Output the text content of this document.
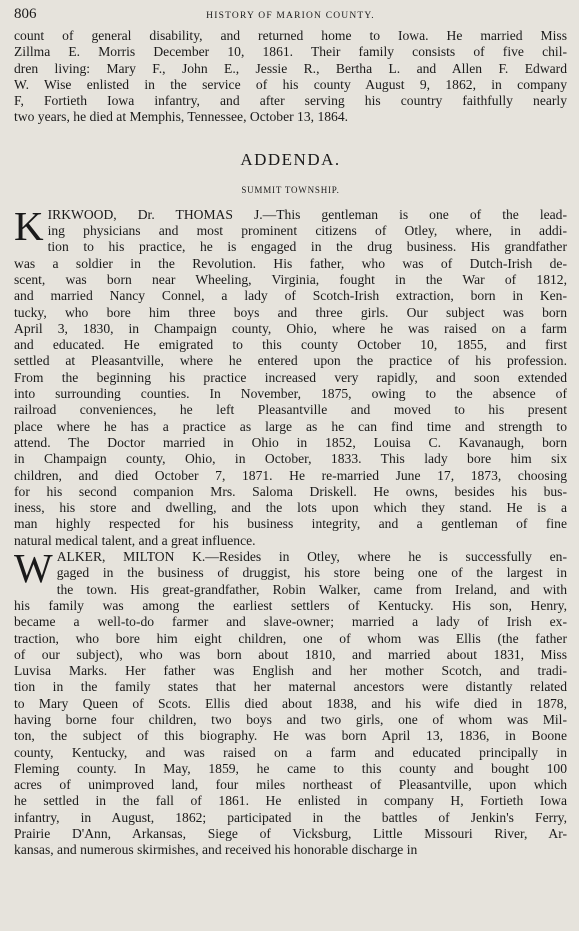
806	HISTORY OF MARION COUNTY.
count of general disability, and returned home to Iowa. He married Miss
Zillma E. Morris December 10, 1861. Their family consists of five chil-
dren living: Mary F., John E., Jessie R., Bertha L. and Allen F. Edward
W. Wise enlisted in the service of his county August 9, 1862, in company
F, Fortieth Iowa infantry, and after serving his country faithfully nearly
two years, he died at Memphis, Tennessee, October 13, 1864.
ADDENDA.
SUMMIT TOWNSHIP.
K IRKWOOD, Dr. THOMAS J.—This gentleman is one of the lead-
ing physicians and most prominent citizens of Otley, where, in addi-
tion to his practice, he is engaged in the drug business. His grandfather
was a soldier in the Revolution. His father, who was of Dutch-Irish de-
scent, was born near Wheeling, Virginia, fought in the War of 1812,
and married Nancy Connel, a lady of Scotch-Irish extraction, born in Ken-
tucky, who bore him three boys and three girls. Our subject was born
April 3, 1830, in Champaign county, Ohio, where he was raised on a farm
and educated. He emigrated to this county October 10, 1855, and first
settled at Pleasantville, where he entered upon the practice of his profession.
From the beginning his practice increased very rapidly, and soon extended
into surrounding counties. In November, 1875, owing to the absence of
railroad conveniences, he left Pleasantville and moved to his present
place where he has a practice as large as he can find time and strength to
attend. The Doctor married in Ohio in 1852, Louisa C. Kavanaugh, born
in Champaign county, Ohio, in October, 1833. This lady bore him six
children, and died October 7, 1871. He re-married June 17, 1873, choosing
for his second companion Mrs. Saloma Driskell. He owns, besides his bus-
iness, his store and dwelling, and the lots upon which they stand. He is a
man highly respected for his business integrity, and a gentleman of fine
natural medical talent, and a great influence.
W ALKER, MILTON K.—Resides in Otley, where he is successfully en-
gaged in the business of druggist, his store being one of the largest in
the town. His great-grandfather, Robin Walker, came from Ireland, and with
his family was among the earliest settlers of Kentucky. His son, Henry,
became a well-to-do farmer and slave-owner; married a lady of Irish ex-
traction, who bore him eight children, one of whom was Ellis (the father
of our subject), who was born about 1810, and married about 1831, Miss
Luvisa Marks. Her father was English and her mother Scotch, and tradi-
tion in the family states that her maternal ancestors were distantly related
to Mary Queen of Scots. Ellis died about 1838, and his wife died in 1878,
having borne four children, two boys and two girls, one of whom was Mil-
ton, the subject of this biography. He was born April 13, 1836, in Boone
county, Kentucky, and was raised on a farm and educated principally in
Fleming county. In May, 1859, he came to this county and bought 100
acres of unimproved land, four miles northeast of Pleasantville, upon which
he settled in the fall of 1861. He enlisted in company H, Fortieth Iowa
infantry, in August, 1862; participated in the battles of Jenkin's Ferry,
Prairie D'Ann, Arkansas, Siege of Vicksburg, Little Missouri River, Ar-
kansas, and numerous skirmishes, and received his honorable discharge in
